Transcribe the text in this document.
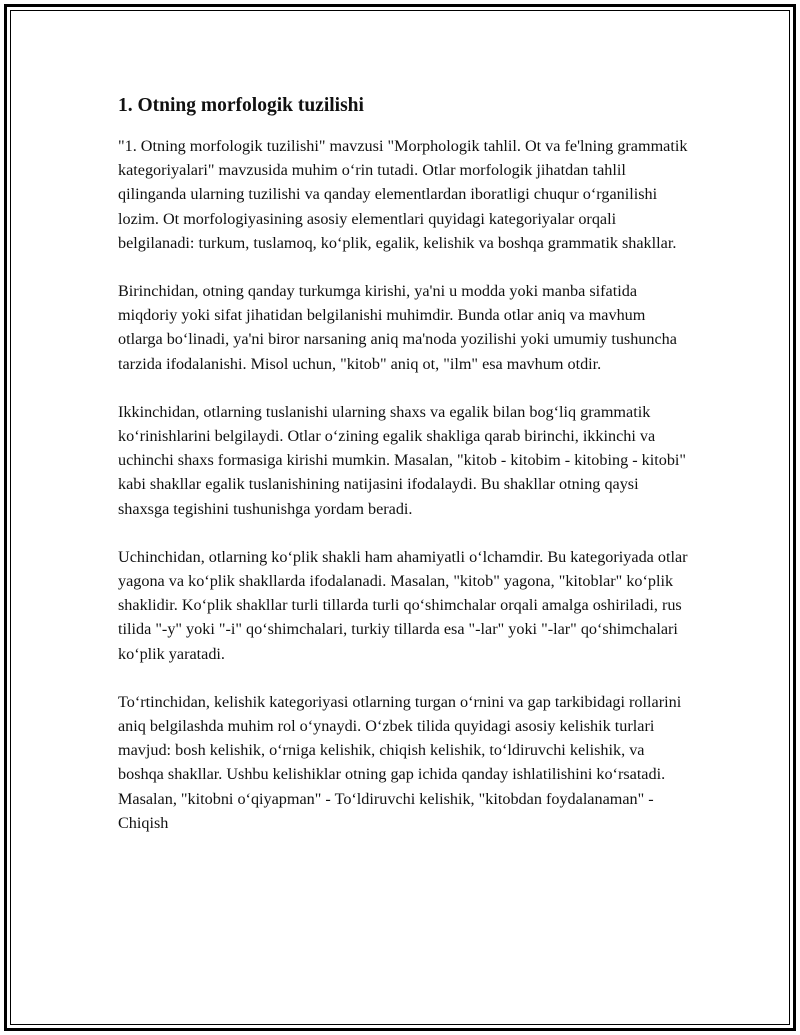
1. Otning morfologik tuzilishi

"1. Otning morfologik tuzilishi" mavzusi "Morphologik tahlil. Ot va fe'lning grammatik kategoriyalari" mavzusida muhim o‘rin tutadi. Otlar morfologik jihatdan tahlil qilinganda ularning tuzilishi va qanday elementlardan iboratligi chuqur o‘rganilishi lozim. Ot morfologiyasining asosiy elementlari quyidagi kategoriyalar orqali belgilanadi: turkum, tuslamoq, ko‘plik, egalik, kelishik va boshqa grammatik shakllar.

Birinchidan, otning qanday turkumga kirishi, ya'ni u modda yoki manba sifatida miqdoriy yoki sifat jihatidan belgilanishi muhimdir. Bunda otlar aniq va mavhum otlarga bo‘linadi, ya'ni biror narsaning aniq ma'noda yozilishi yoki umumiy tushuncha tarzida ifodalanishi. Misol uchun, "kitob" aniq ot, "ilm" esa mavhum otdir.

Ikkinchidan, otlarning tuslanishi ularning shaxs va egalik bilan bog‘liq grammatik ko‘rinishlarini belgilaydi. Otlar o‘zining egalik shakliga qarab birinchi, ikkinchi va uchinchi shaxs formasiga kirishi mumkin. Masalan, "kitob - kitobim - kitobing - kitobi" kabi shakllar egalik tuslanishining natijasini ifodalaydi. Bu shakllar otning qaysi shaxsga tegishini tushunishga yordam beradi.

Uchinchidan, otlarning ko‘plik shakli ham ahamiyatli o‘lchamdir. Bu kategoriyada otlar yagona va ko‘plik shakllarda ifodalanadi. Masalan, "kitob" yagona, "kitoblar" ko‘plik shaklidir. Ko‘plik shakllar turli tillarda turli qo‘shimchalar orqali amalga oshiriladi, rus tilida "-y" yoki "-i" qo‘shimchalari, turkiy tillarda esa "-lar" yoki "-lar" qo‘shimchalari ko‘plik yaratadi.

To‘rtinchidan, kelishik kategoriyasi otlarning turgan o‘rnini va gap tarkibidagi rollarini aniq belgilashda muhim rol o‘ynaydi. O‘zbek tilida quyidagi asosiy kelishik turlari mavjud: bosh kelishik, o‘rniga kelishik, chiqish kelishik, to‘ldiruvchi kelishik, va boshqa shakllar. Ushbu kelishiklar otning gap ichida qanday ishlatilishini ko‘rsatadi. Masalan, "kitobni o‘qiyapman" - To‘ldiruvchi kelishik, "kitobdan foydalanaman" - Chiqish
